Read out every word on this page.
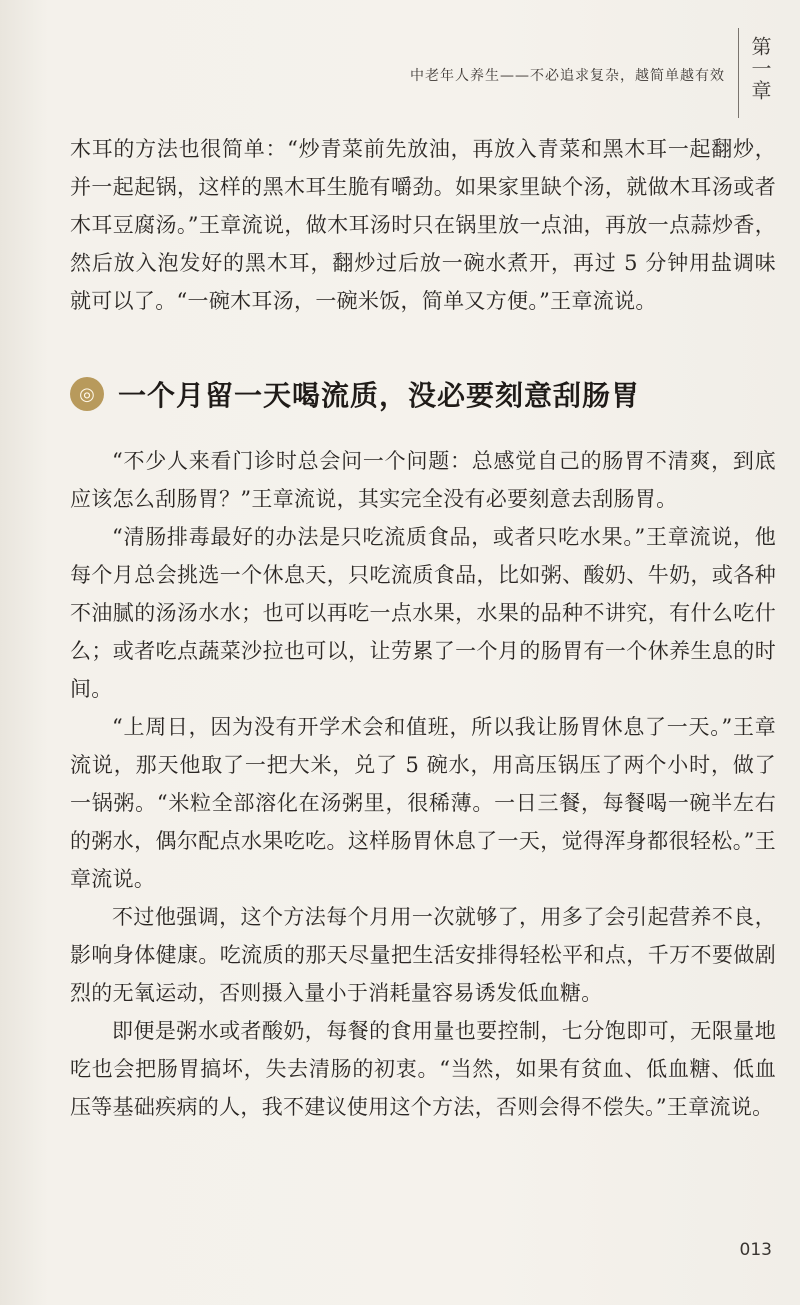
中老年人养生——不必追求复杂，越简单越有效 第一章

木耳的方法也很简单：“炒青菜前先放油，再放入青菜和黑木耳一起翻炒，并一起起锅，这样的黑木耳生脆有嚼劲。如果家里缺个汤，就做木耳汤或者木耳豆腐汤。”王章流说，做木耳汤时只在锅里放一点油，再放一点蒜炒香，然后放入泡发好的黑木耳，翻炒过后放一碗水煮开，再过 5 分钟用盐调味就可以了。“一碗木耳汤，一碗米饭，简单又方便。”王章流说。

◎ 一个月留一天喝流质，没必要刻意刮肠胃

“不少人来看门诊时总会问一个问题：总感觉自己的肠胃不清爽，到底应该怎么刮肠胃？”王章流说，其实完全没有必要刻意去刮肠胃。

“清肠排毒最好的办法是只吃流质食品，或者只吃水果。”王章流说，他每个月总会挑选一个休息天，只吃流质食品，比如粥、酸奶、牛奶，或各种不油腻的汤汤水水；也可以再吃一点水果，水果的品种不讲究，有什么吃什么；或者吃点蔬菜沙拉也可以，让劳累了一个月的肠胃有一个休养生息的时间。

“上周日，因为没有开学术会和值班，所以我让肠胃休息了一天。”王章流说，那天他取了一把大米，兑了 5 碗水，用高压锅压了两个小时，做了一锅粥。“米粒全部溶化在汤粥里，很稀薄。一日三餐，每餐喝一碗半左右的粥水，偶尔配点水果吃吃。这样肠胃休息了一天，觉得浑身都很轻松。”王章流说。

不过他强调，这个方法每个月用一次就够了，用多了会引起营养不良，影响身体健康。吃流质的那天尽量把生活安排得轻松平和点，千万不要做剧烈的无氧运动，否则摄入量小于消耗量容易诱发低血糖。

即便是粥水或者酸奶，每餐的食用量也要控制，七分饱即可，无限量地吃也会把肠胃搞坏，失去清肠的初衷。“当然，如果有贫血、低血糖、低血压等基础疾病的人，我不建议使用这个方法，否则会得不偿失。”王章流说。

013
